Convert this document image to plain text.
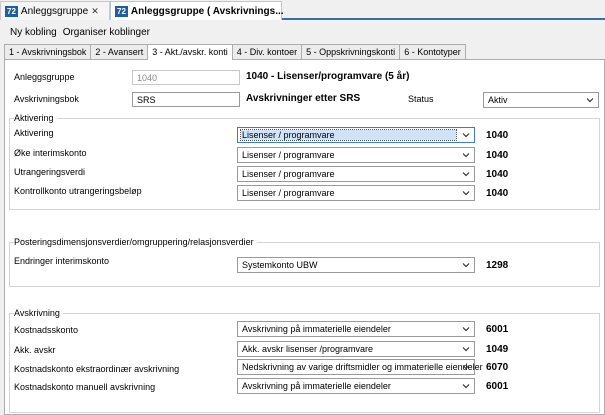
72 Anleggsgruppe ✕ 72 Anleggsgruppe ( Avskrivnings...
Ny kobling Organiser koblinger
1 - Avskrivningsbok	2 - Avansert	3 - Akt./avskr. konti	4 - Div. kontoer	5 - Oppskrivningskonti	6 - Kontotyper
Anleggsgruppe	1040	1040 - Lisenser/programvare (5 år)
Avskrivningsbok	SRS	Avskrivninger etter SRS	Status	Aktiv
Aktivering
Aktivering	Lisenser / programvare	1040
Øke interimskonto	Lisenser / programvare	1040
Utrangeringsverdi	Lisenser / programvare	1040
Kontrollkonto utrangeringsbeløp	Lisenser / programvare	1040
Posteringsdimensjonsverdier/omgruppering/relasjonsverdier
Endringer interimskonto	Systemkonto UBW	1298
Avskrivning
Kostnadsskonto	Avskrivning på immaterielle eiendeler	6001
Akk. avskr	Akk. avskr lisenser /programvare	1049
Kostnadskonto ekstraordinær avskrivning	Nedskrivning av varige driftsmidler og immaterielle eiendeler 6070
Kostnadskonto manuell avskrivning	Avskrivning på immaterielle eiendeler	6001
